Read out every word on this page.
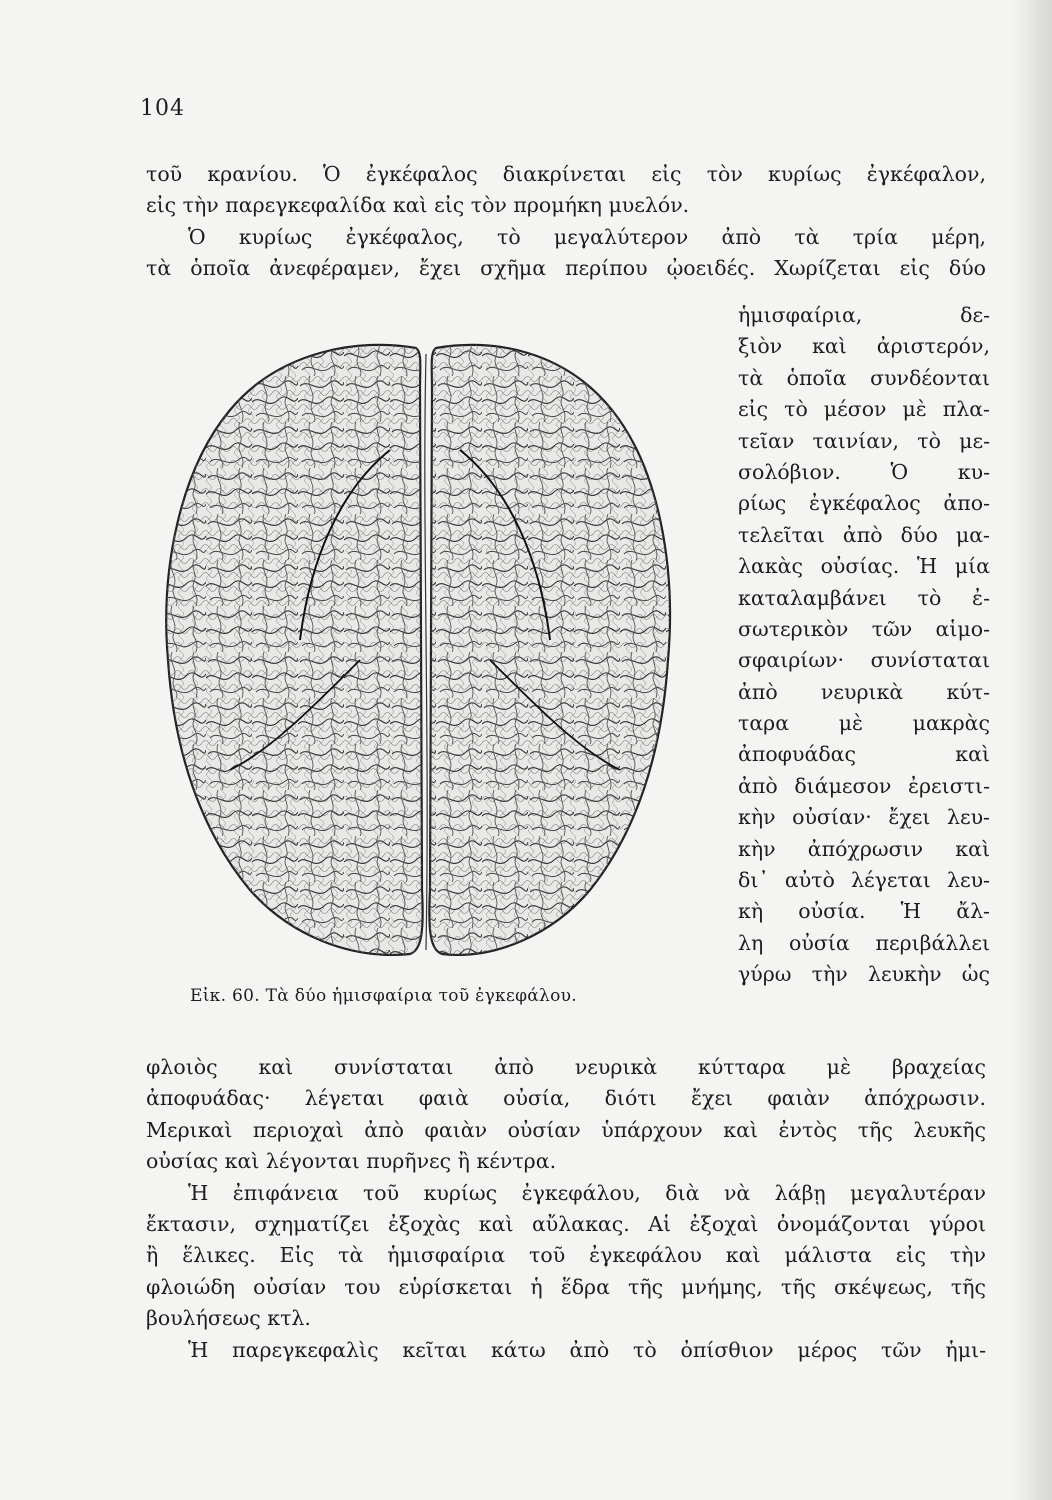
104
τοῦ κρανίου. Ὁ ἐγκέφαλος διακρίνεται εἰς τὸν κυρίως ἐγκέφαλον,
εἰς τὴν παρεγκεφαλίδα καὶ εἰς τὸν προμήκη μυελόν.
Ὁ κυρίως ἐγκέφαλος, τὸ μεγαλύτερον ἀπὸ τὰ τρία μέρη,
τὰ ὁποῖα ἀνεφέραμεν, ἔχει σχῆμα περίπου ᾠοειδές. Χωρίζεται εἰς δύο
ἡμισφαίρια, δε-
ξιὸν καὶ ἀριστερόν,
τὰ ὁποῖα συνδέονται
εἰς τὸ μέσον μὲ πλα-
τεῖαν ταινίαν, τὸ με-
σολόβιον. Ὁ κυ-
ρίως ἐγκέφαλος ἀπο-
τελεῖται ἀπὸ δύο μα-
λακὰς οὐσίας. Ἡ μία
καταλαμβάνει τὸ ἐ-
σωτερικὸν τῶν αἱμο-
σφαιρίων· συνίσταται
ἀπὸ νευρικὰ κύτ-
ταρα μὲ μακρὰς
ἀποφυάδας καὶ
ἀπὸ διάμεσον ἐρειστι-
κὴν οὐσίαν· ἔχει λευ-
κὴν ἀπόχρωσιν καὶ
δι᾽ αὐτὸ λέγεται λευ-
κὴ οὐσία. Ἡ ἄλ-
λη οὐσία περιβάλλει
γύρω τὴν λευκὴν ὡς
Εἰκ. 60. Τὰ δύο ἡμισφαίρια τοῦ ἐγκεφάλου.
φλοιὸς καὶ συνίσταται ἀπὸ νευρικὰ κύτταρα μὲ βραχείας
ἀποφυάδας· λέγεται φαιὰ οὐσία, διότι ἔχει φαιὰν ἀπόχρωσιν.
Μερικαὶ περιοχαὶ ἀπὸ φαιὰν οὐσίαν ὑπάρχουν καὶ ἐντὸς τῆς λευκῆς
οὐσίας καὶ λέγονται πυρῆνες ἢ κέντρα.
Ἡ ἐπιφάνεια τοῦ κυρίως ἐγκεφάλου, διὰ νὰ λάβῃ μεγαλυτέραν
ἔκτασιν, σχηματίζει ἐξοχὰς καὶ αὔλακας. Αἱ ἐξοχαὶ ὀνομάζονται γύροι
ἢ ἕλικες. Εἰς τὰ ἡμισφαίρια τοῦ ἐγκεφάλου καὶ μάλιστα εἰς τὴν
φλοιώδη οὐσίαν του εὑρίσκεται ἡ ἕδρα τῆς μνήμης, τῆς σκέψεως, τῆς
βουλήσεως κτλ.
Ἡ παρεγκεφαλὶς κεῖται κάτω ἀπὸ τὸ ὀπίσθιον μέρος τῶν ἡμι-
